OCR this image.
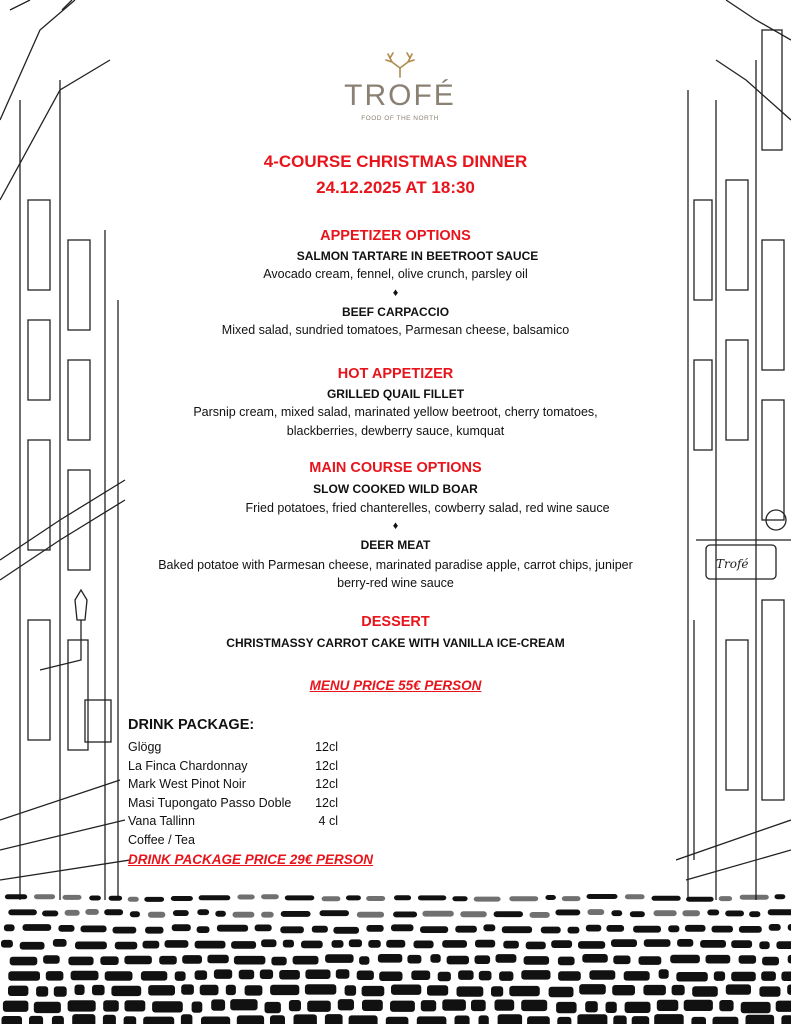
Trofé
TROFÉ
FOOD OF THE NORTH
4-COURSE CHRISTMAS DINNER
24.12.2025 AT 18:30
APPETIZER OPTIONS
SALMON TARTARE IN BEETROOT SAUCE
Avocado cream, fennel, olive crunch, parsley oil
♦
BEEF CARPACCIO
Mixed salad, sundried tomatoes, Parmesan cheese, balsamico
HOT APPETIZER
GRILLED QUAIL FILLET
Parsnip cream, mixed salad, marinated yellow beetroot, cherry tomatoes,
blackberries, dewberry sauce, kumquat
MAIN COURSE OPTIONS
SLOW COOKED WILD BOAR
Fried potatoes, fried chanterelles, cowberry salad, red wine sauce
♦
DEER MEAT
Baked potatoe with Parmesan cheese, marinated paradise apple, carrot chips, juniper
berry-red wine sauce
DESSERT
CHRISTMASSY CARROT CAKE WITH VANILLA ICE-CREAM
MENU PRICE 55€ PERSON
DRINK PACKAGE:
Glögg	12cl
La Finca Chardonnay	12cl
Mark West Pinot Noir	12cl
Masi Tupongato Passo Doble 12cl
Vana Tallinn	4 cl
Coffee / Tea
DRINK PACKAGE PRICE 29€ PERSON
